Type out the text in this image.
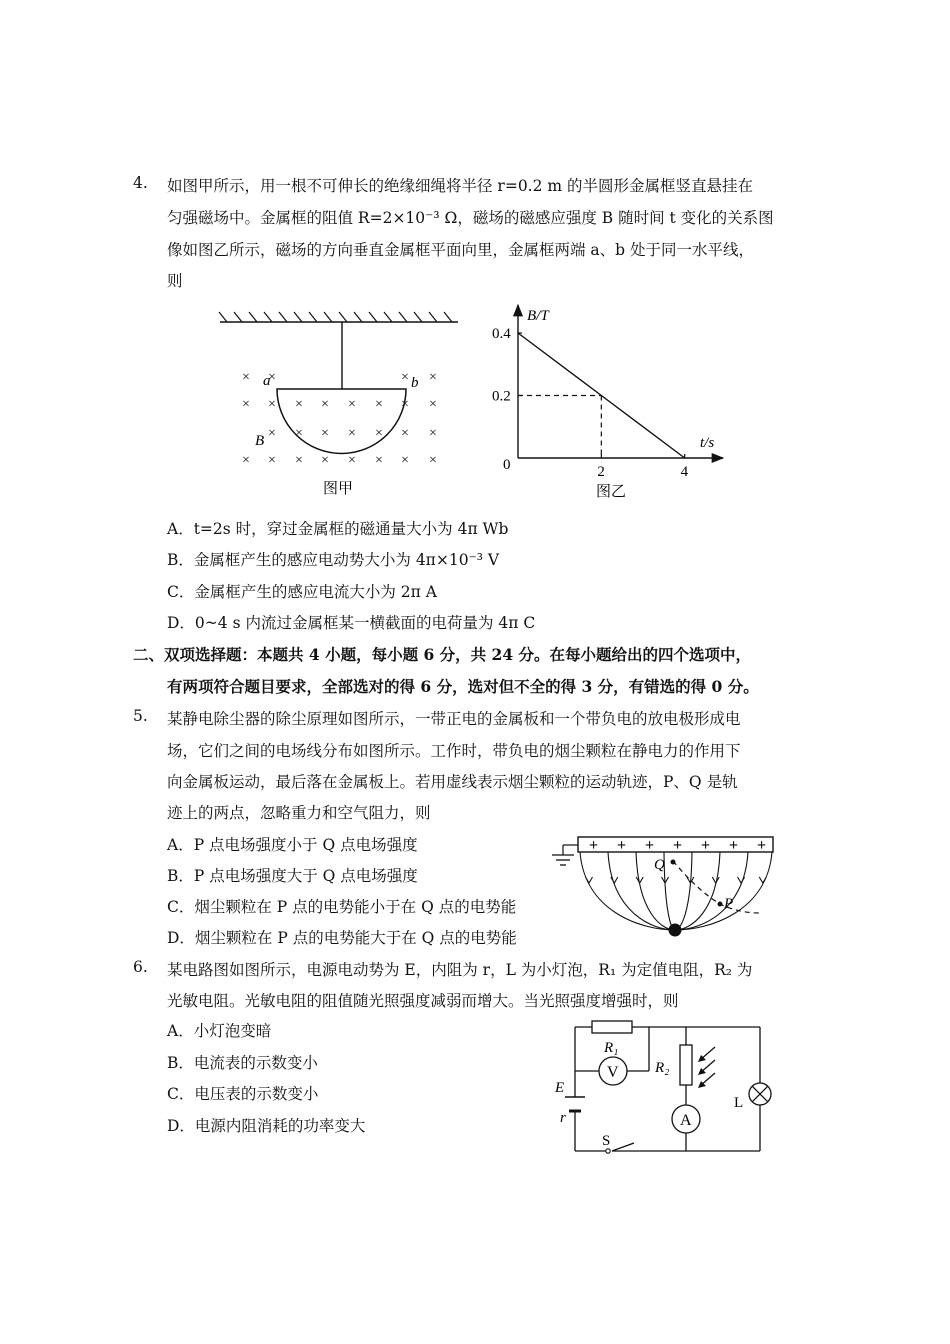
4. 如图甲所示，用一根不可伸长的绝缘细绳将半径 r=0.2 m 的半圆形金属框竖直悬挂在
匀强磁场中。金属框的阻值 R=2×10⁻³ Ω，磁场的磁感应强度 B 随时间 t 变化的关系图
像如图乙所示，磁场的方向垂直金属框平面向里，金属框两端 a、b 处于同一水平线，
则
× ×	× ×
× × × × × × × ×
× × × × × × ×
× × × × × × × ×
a	b
B
图甲
0.4
0.2
2	4
B/T
t/s
0
图乙
A．t=2s 时，穿过金属框的磁通量大小为 4π Wb
B．金属框产生的感应电动势大小为 4π×10⁻³ V
C．金属框产生的感应电流大小为 2π A
D．0~4 s 内流过金属框某一横截面的电荷量为 4π C
二、双项选择题：本题共 4 小题，每小题 6 分，共 24 分。在每小题给出的四个选项中，
有两项符合题目要求，全部选对的得 6 分，选对但不全的得 3 分，有错选的得 0 分。
5. 某静电除尘器的除尘原理如图所示，一带正电的金属板和一个带负电的放电极形成电
场，它们之间的电场线分布如图所示。工作时，带负电的烟尘颗粒在静电力的作用下
向金属板运动，最后落在金属板上。若用虚线表示烟尘颗粒的运动轨迹，P、Q 是轨
迹上的两点，忽略重力和空气阻力，则
A．P 点电场强度小于 Q 点电场强度
B．P 点电场强度大于 Q 点电场强度
C．烟尘颗粒在 P 点的电势能小于在 Q 点的电势能
D．烟尘颗粒在 P 点的电势能大于在 Q 点的电势能
+ + + + + + +
Q
P
6. 某电路图如图所示，电源电动势为 E，内阻为 r，L 为小灯泡，R₁ 为定值电阻，R₂ 为
光敏电阻。光敏电阻的阻值随光照强度减弱而增大。当光照强度增强时，则
A．小灯泡变暗
B．电流表的示数变小
C．电压表的示数变小
D．电源内阻消耗的功率变大
R₁
R₂
V
A
E
r
L
S
